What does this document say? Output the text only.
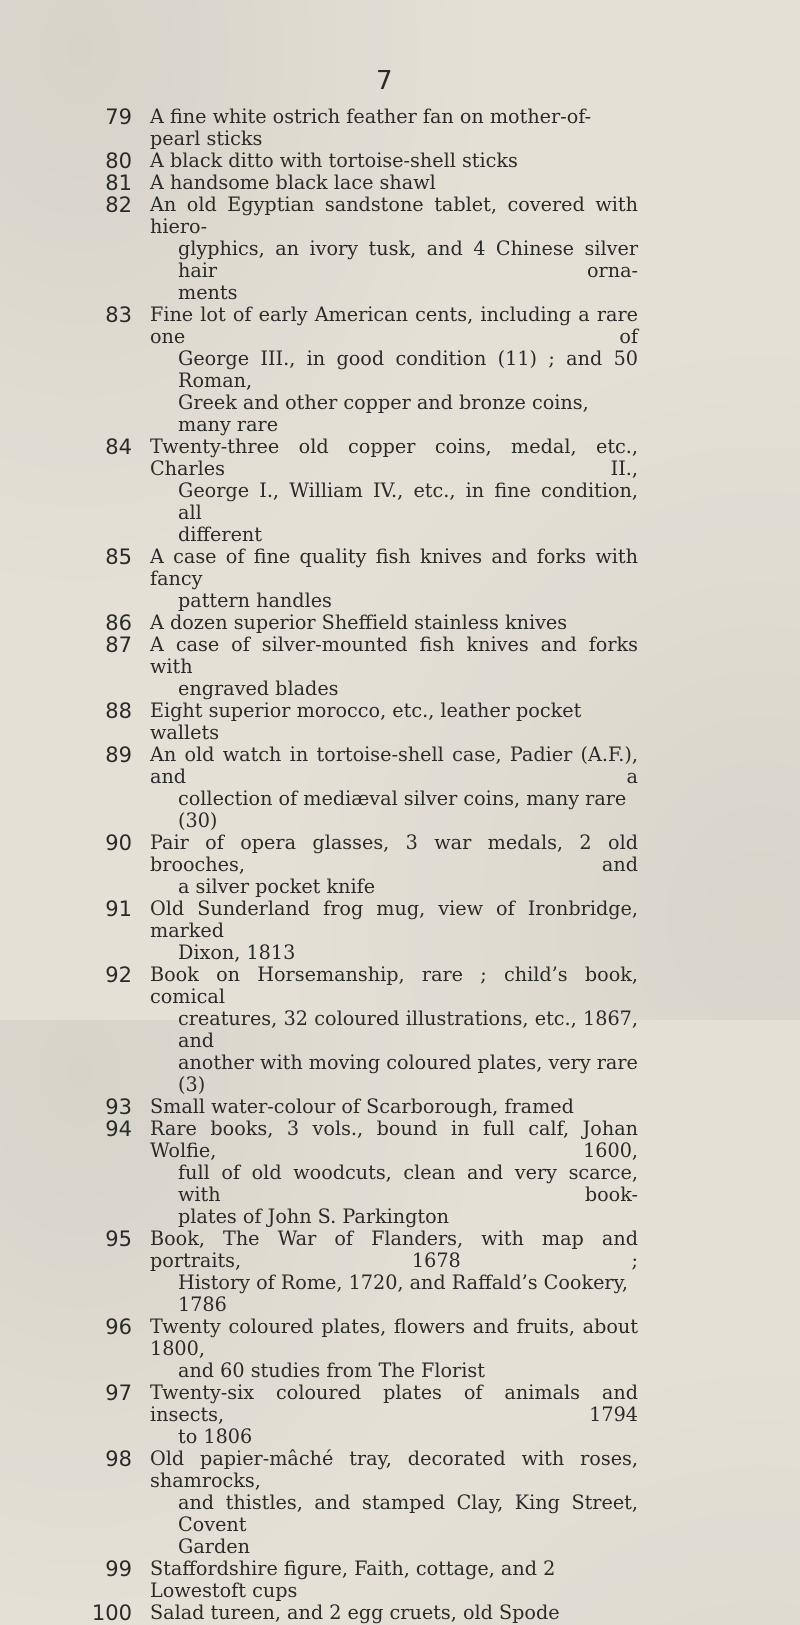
7
79 A fine white ostrich feather fan on mother-of-pearl sticks
80 A black ditto with tortoise-shell sticks
81 A handsome black lace shawl
82 An old Egyptian sandstone tablet, covered with hiero-
glyphics, an ivory tusk, and 4 Chinese silver hair orna-
ments
83 Fine lot of early American cents, including a rare one of
George III., in good condition (11) ; and 50 Roman,
Greek and other copper and bronze coins, many rare
84 Twenty-three old copper coins, medal, etc., Charles II.,
George I., William IV., etc., in fine condition, all
different
85 A case of fine quality fish knives and forks with fancy
pattern handles
86 A dozen superior Sheffield stainless knives
87 A case of silver-mounted fish knives and forks with
engraved blades
88 Eight superior morocco, etc., leather pocket wallets
89 An old watch in tortoise-shell case, Padier (A.F.), and a
collection of mediæval silver coins, many rare (30)
90 Pair of opera glasses, 3 war medals, 2 old brooches, and
a silver pocket knife
91 Old Sunderland frog mug, view of Ironbridge, marked
Dixon, 1813
92 Book on Horsemanship, rare ; child’s book, comical
creatures, 32 coloured illustrations, etc., 1867, and
another with moving coloured plates, very rare (3)
93 Small water-colour of Scarborough, framed
94 Rare books, 3 vols., bound in full calf, Johan Wolfie, 1600,
full of old woodcuts, clean and very scarce, with book-
plates of John S. Parkington
95 Book, The War of Flanders, with map and portraits, 1678 ;
History of Rome, 1720, and Raffald’s Cookery, 1786
96 Twenty coloured plates, flowers and fruits, about 1800,
and 60 studies from The Florist
97 Twenty-six coloured plates of animals and insects, 1794
to 1806
98 Old papier-mâché tray, decorated with roses, shamrocks,
and thistles, and stamped Clay, King Street, Covent
Garden
99 Staffordshire figure, Faith, cottage, and 2 Lowestoft cups
100 Salad tureen, and 2 egg cruets, old Spode
